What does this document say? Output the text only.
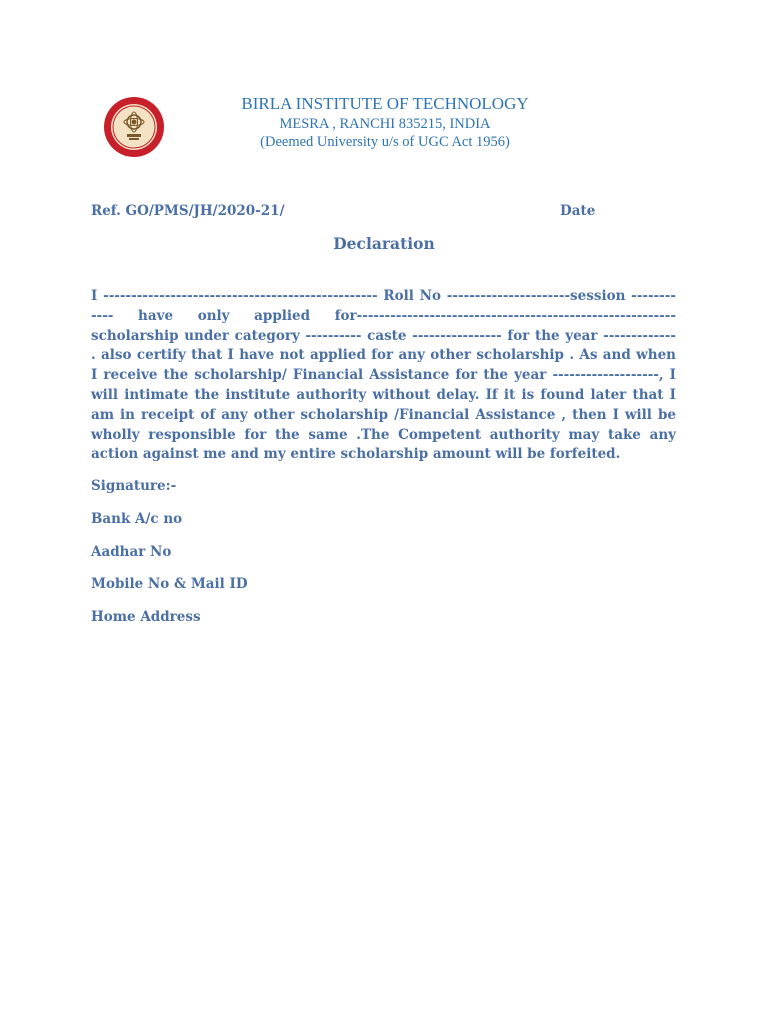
BIRLA INSTITUTE OF TECHNOLOGY
MESRA , RANCHI 835215, INDIA
(Deemed University u/s of UGC Act 1956)
Ref. GO/PMS/JH/2020-21/	Date
Declaration

I ------------------------------------------------- Roll No ----------------------session ------------ have only applied for---------------------------------------------------------scholarship under category ---------- caste ---------------- for the year ------------- . also certify that I have not applied for any other scholarship . As and when I receive the scholarship/ Financial Assistance for the year -------------------, I will intimate the institute authority without delay. If it is found later that I am in receipt of any other scholarship /Financial Assistance , then I will be wholly responsible for the same .The Competent authority may take any action against me and my entire scholarship amount will be forfeited.

Signature:-
Bank A/c no
Aadhar No
Mobile No & Mail ID
Home Address
